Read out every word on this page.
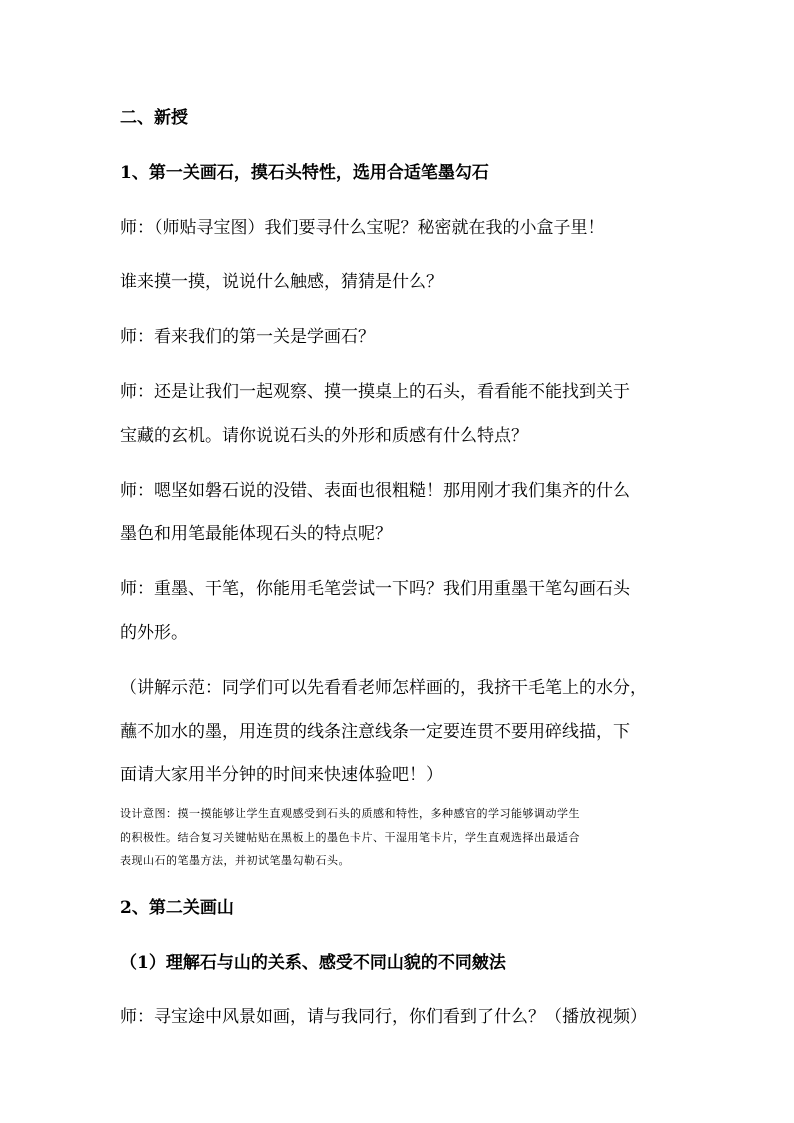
二、新授
1、第一关画石，摸石头特性，选用合适笔墨勾石
师：（师贴寻宝图）我们要寻什么宝呢？秘密就在我的小盒子里！
谁来摸一摸，说说什么触感，猜猜是什么？
师：看来我们的第一关是学画石？
师：还是让我们一起观察、摸一摸桌上的石头，看看能不能找到关于
宝藏的玄机。请你说说石头的外形和质感有什么特点？
师：嗯坚如磐石说的没错、表面也很粗糙！那用刚才我们集齐的什么
墨色和用笔最能体现石头的特点呢？
师：重墨、干笔，你能用毛笔尝试一下吗？我们用重墨干笔勾画石头
的外形。
（讲解示范：同学们可以先看看老师怎样画的，我挤干毛笔上的水分，
蘸不加水的墨，用连贯的线条注意线条一定要连贯不要用碎线描，下
面请大家用半分钟的时间来快速体验吧！）
设计意图：摸一摸能够让学生直观感受到石头的质感和特性，多种感官的学习能够调动学生
的积极性。结合复习关键帖贴在黑板上的墨色卡片、干湿用笔卡片，学生直观选择出最适合
表现山石的笔墨方法，并初试笔墨勾勒石头。
2、第二关画山
（1）理解石与山的关系、感受不同山貌的不同皴法
师：寻宝途中风景如画，请与我同行，你们看到了什么？（播放视频）
